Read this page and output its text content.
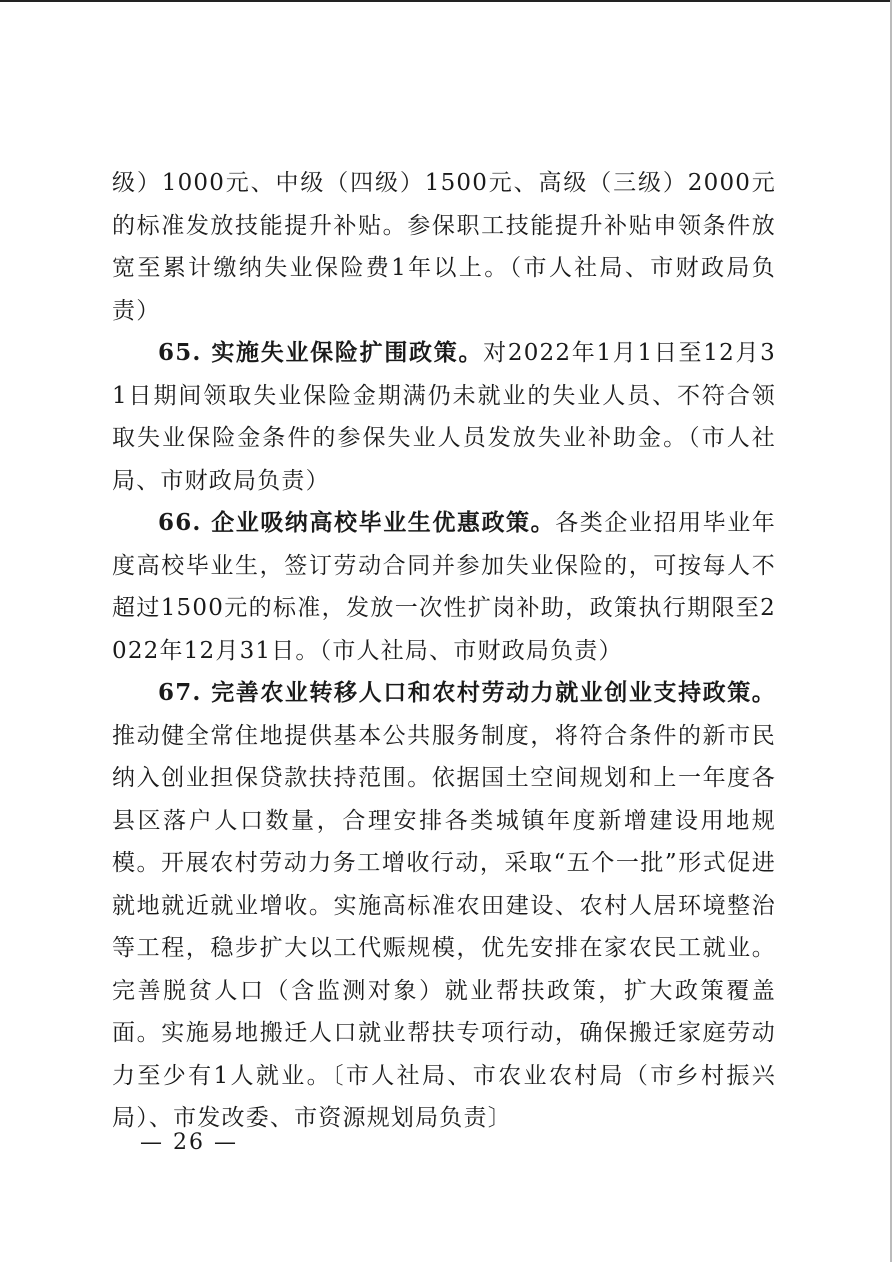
级）1000元、中级（四级）1500元、高级（三级）2000元的标准发放技能提升补贴。参保职工技能提升补贴申领条件放宽至累计缴纳失业保险费1年以上。（市人社局、市财政局负责）

65. 实施失业保险扩围政策。对2022年1月1日至12月31日期间领取失业保险金期满仍未就业的失业人员、不符合领取失业保险金条件的参保失业人员发放失业补助金。（市人社局、市财政局负责）

66. 企业吸纳高校毕业生优惠政策。各类企业招用毕业年度高校毕业生，签订劳动合同并参加失业保险的，可按每人不超过1500元的标准，发放一次性扩岗补助，政策执行期限至2022年12月31日。（市人社局、市财政局负责）

67. 完善农业转移人口和农村劳动力就业创业支持政策。推动健全常住地提供基本公共服务制度，将符合条件的新市民纳入创业担保贷款扶持范围。依据国土空间规划和上一年度各县区落户人口数量，合理安排各类城镇年度新增建设用地规模。开展农村劳动力务工增收行动，采取“五个一批”形式促进就地就近就业增收。实施高标准农田建设、农村人居环境整治等工程，稳步扩大以工代赈规模，优先安排在家农民工就业。完善脱贫人口（含监测对象）就业帮扶政策，扩大政策覆盖面。实施易地搬迁人口就业帮扶专项行动，确保搬迁家庭劳动力至少有1人就业。〔市人社局、市农业农村局（市乡村振兴局）、市发改委、市资源规划局负责〕

— 26 —
